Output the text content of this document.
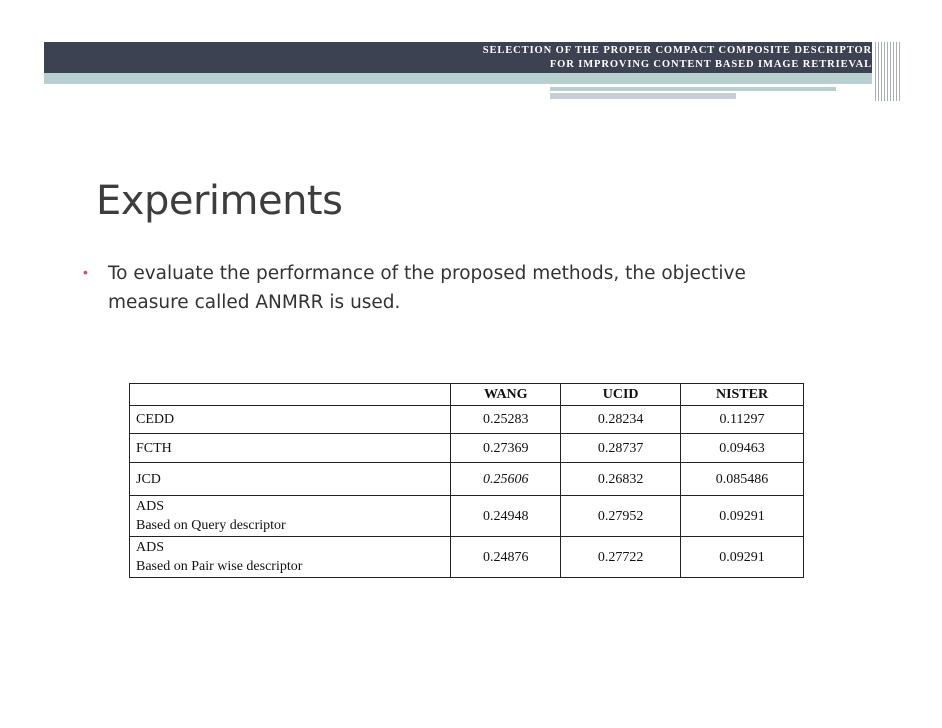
SELECTION OF THE PROPER COMPACT COMPOSITE DESCRIPTOR
FOR IMPROVING CONTENT BASED IMAGE RETRIEVAL
Experiments
• To evaluate the performance of the proposed methods, the objective
measure called ANMRR is used.
	WANG	UCID	NISTER
CEDD	0.25283	0.28234	0.11297
FCTH	0.27369	0.28737	0.09463
JCD	0.25606	0.26832	0.085486

ADS
Based on Query descriptor	0.24948	0.27952	0.09291

ADS
Based on Pair wise descriptor	0.24876	0.27722	0.09291
